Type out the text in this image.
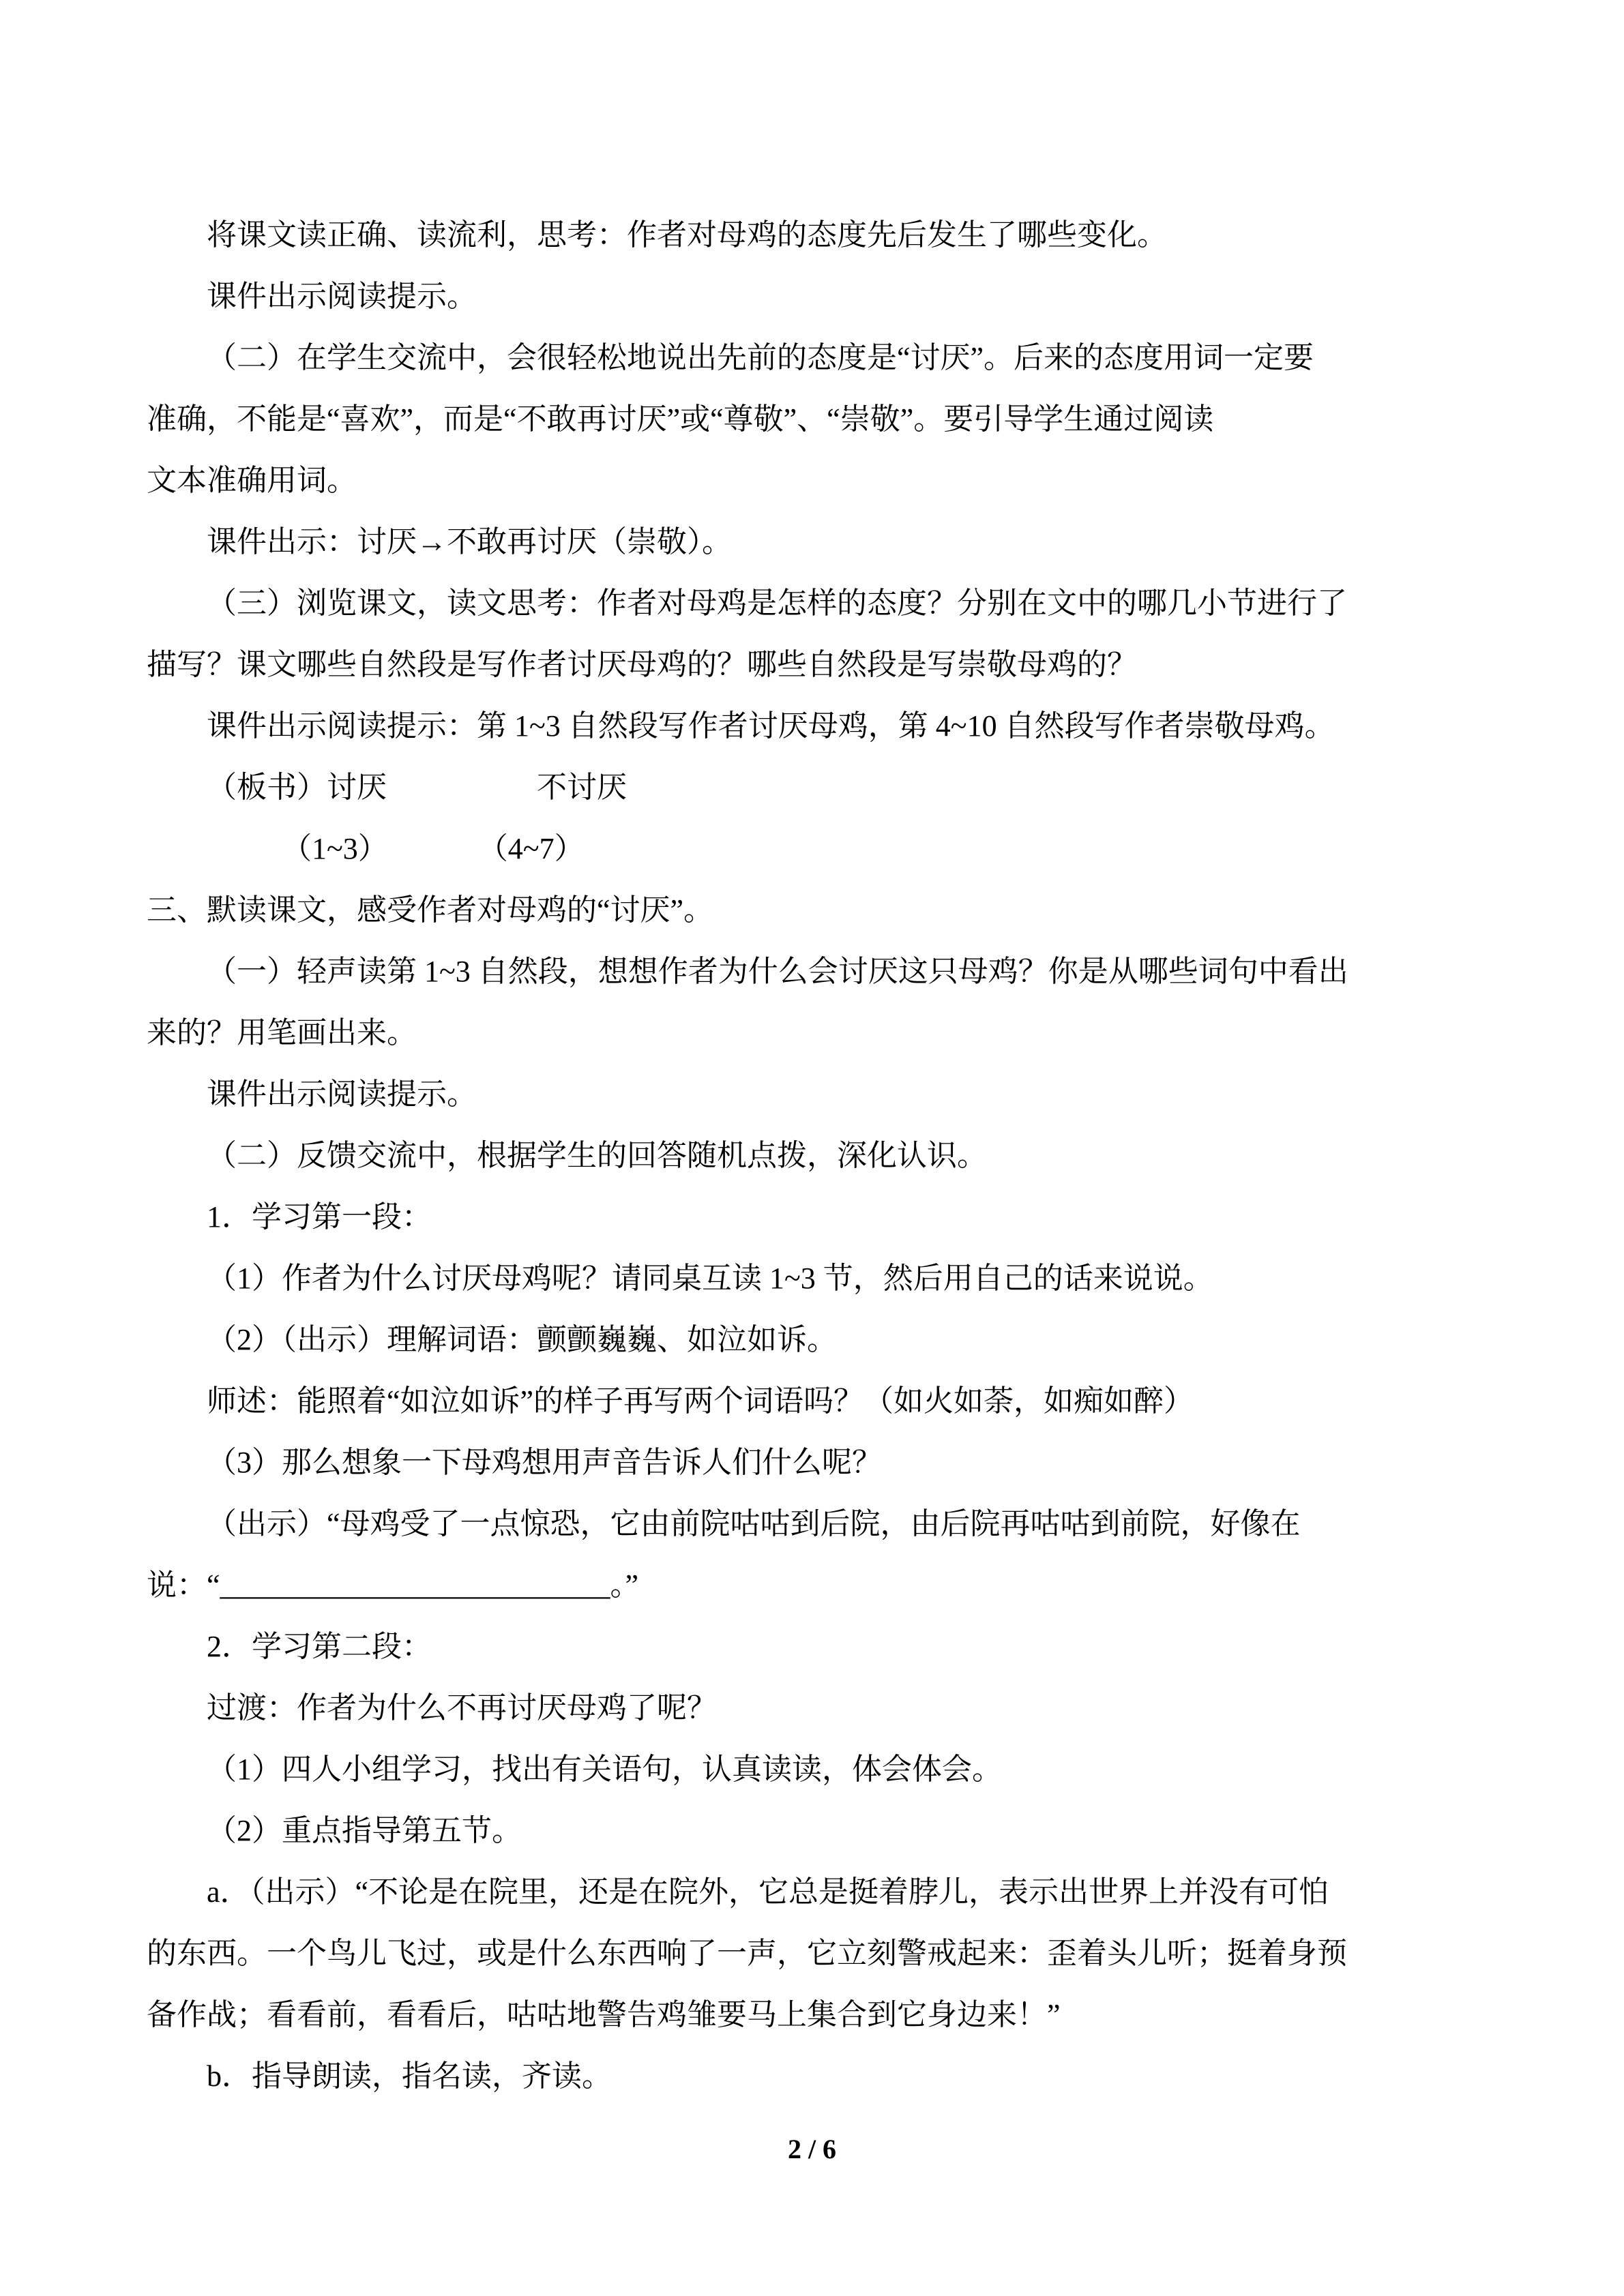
将课文读正确、读流利，思考：作者对母鸡的态度先后发生了哪些变化。
课件出示阅读提示。
（二）在学生交流中，会很轻松地说出先前的态度是“讨厌”。后来的态度用词一定要
准确，不能是“喜欢”，而是“不敢再讨厌”或“尊敬”、“崇敬”。要引导学生通过阅读
文本准确用词。
课件出示：讨厌→不敢再讨厌（崇敬）。
（三）浏览课文，读文思考：作者对母鸡是怎样的态度？分别在文中的哪几小节进行了
描写？课文哪些自然段是写作者讨厌母鸡的？哪些自然段是写崇敬母鸡的？
课件出示阅读提示：第 1~3 自然段写作者讨厌母鸡，第 4~10 自然段写作者崇敬母鸡。
（板书）讨厌　　　　　不讨厌
　　　　　（1~3）　　　　（4~7）
三、默读课文，感受作者对母鸡的“讨厌”。
（一）轻声读第 1~3 自然段，想想作者为什么会讨厌这只母鸡？你是从哪些词句中看出
来的？用笔画出来。
课件出示阅读提示。
（二）反馈交流中，根据学生的回答随机点拨，深化认识。
1．学习第一段：
（1）作者为什么讨厌母鸡呢？请同桌互读 1~3 节，然后用自己的话来说说。
（2）（出示）理解词语：颤颤巍巍、如泣如诉。
师述：能照着“如泣如诉”的样子再写两个词语吗？（如火如荼，如痴如醉）
（3）那么想象一下母鸡想用声音告诉人们什么呢？
（出示）“母鸡受了一点惊恐，它由前院咕咕到后院，由后院再咕咕到前院，好像在
说：“__________________________。”
2．学习第二段：
过渡：作者为什么不再讨厌母鸡了呢？
（1）四人小组学习，找出有关语句，认真读读，体会体会。
（2）重点指导第五节。
a．（出示）“不论是在院里，还是在院外，它总是挺着脖儿，表示出世界上并没有可怕
的东西。一个鸟儿飞过，或是什么东西响了一声，它立刻警戒起来：歪着头儿听；挺着身预
备作战；看看前，看看后，咕咕地警告鸡雏要马上集合到它身边来！”
b．指导朗读，指名读，齐读。
2 / 6
